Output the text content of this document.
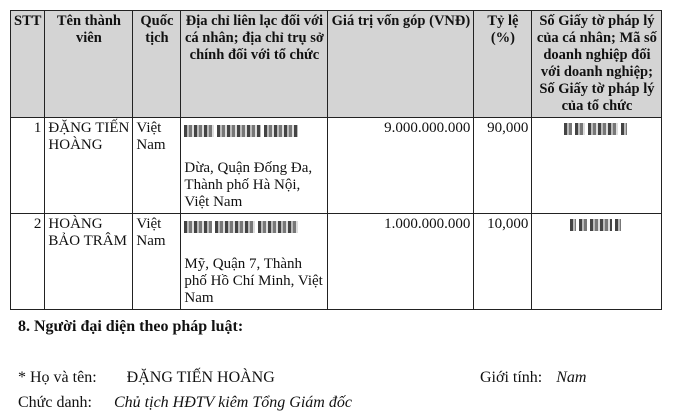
STT	Tên thành viên	Quốc tịch	Địa chỉ liên lạc đối với cá nhân; địa chỉ trụ sở chính đối với tổ chức	Giá trị vốn góp (VNĐ)	Tỷ lệ (%)	Số Giấy tờ pháp lý của cá nhân; Mã số doanh nghiệp đối với doanh nghiệp; Số Giấy tờ pháp lý của tổ chức
1	ĐẶNG TIẾN HOÀNG	Việt Nam	Dừa, Quận Đống Đa, Thành phố Hà Nội, Việt Nam	9.000.000.000	90,000	
2	HOÀNG BẢO TRÂM	Việt Nam	Mỹ, Quận 7, Thành phố Hồ Chí Minh, Việt Nam	1.000.000.000	10,000	
8. Người đại diện theo pháp luật:
* Họ và tên: ĐẶNG TIẾN HOÀNG	Giới tính: Nam
Chức danh: Chủ tịch HĐTV kiêm Tổng Giám đốc
